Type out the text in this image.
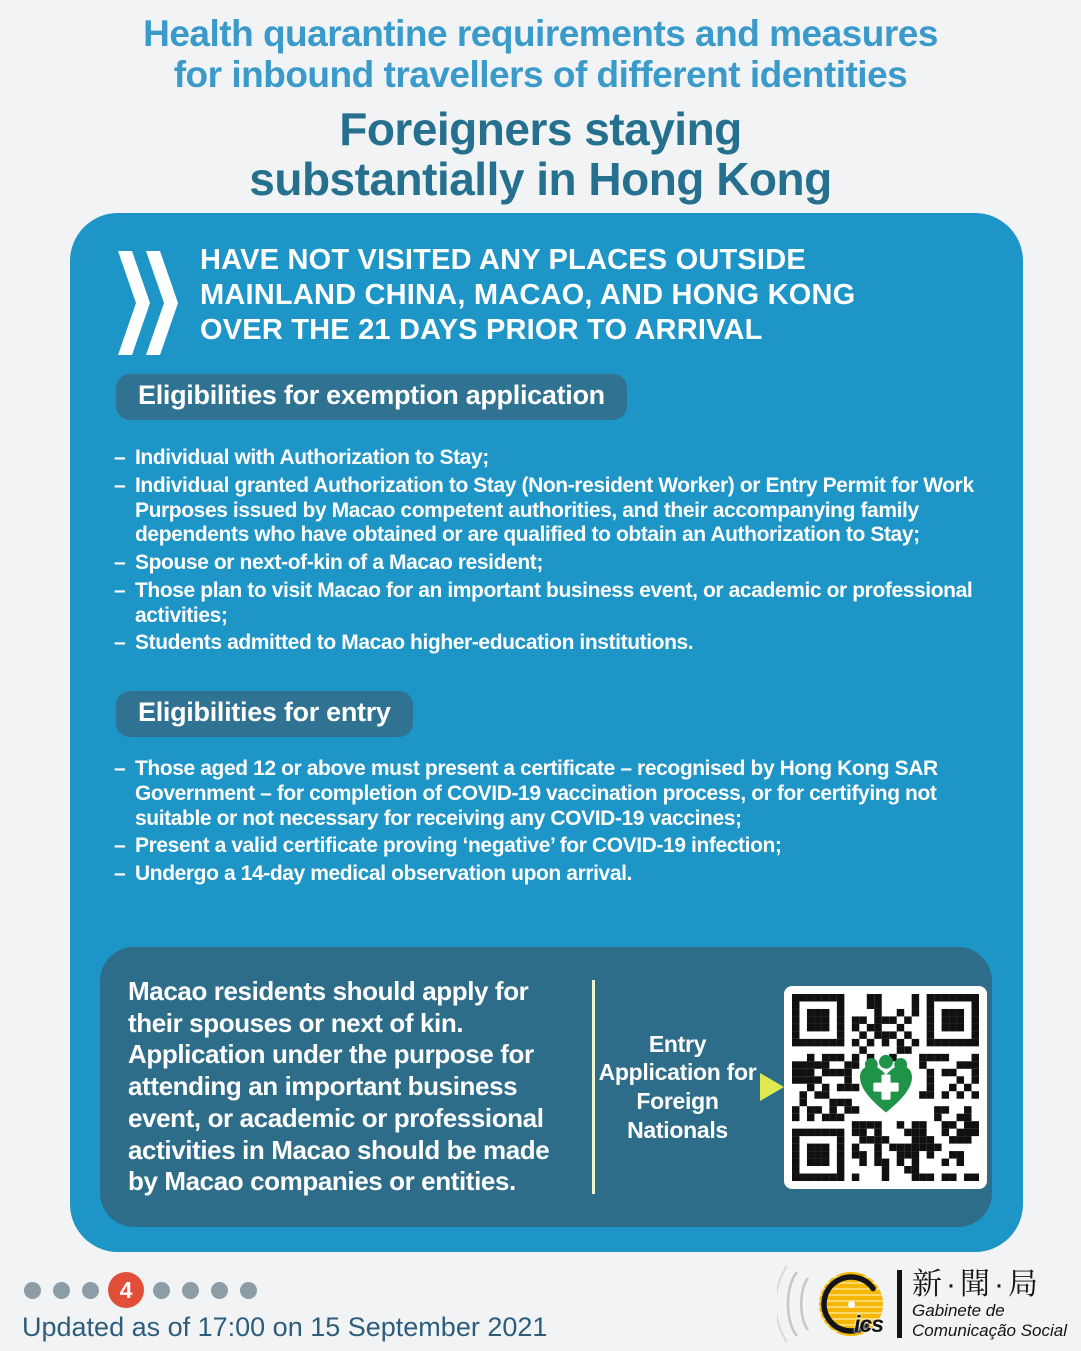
Health quarantine requirements and measures
for inbound travellers of different identities
Foreigners staying
substantially in Hong Kong
HAVE NOT VISITED ANY PLACES OUTSIDE
MAINLAND CHINA, MACAO, AND HONG KONG
OVER THE 21 DAYS PRIOR TO ARRIVAL
Eligibilities for exemption application
– Individual with Authorization to Stay;
– Individual granted Authorization to Stay (Non-resident Worker) or Entry Permit for Work Purposes issued by Macao competent authorities, and their accompanying family dependents who have obtained or are qualified to obtain an Authorization to Stay;
– Spouse or next-of-kin of a Macao resident;
– Those plan to visit Macao for an important business event, or academic or professional activities;
– Students admitted to Macao higher-education institutions.
Eligibilities for entry
– Those aged 12 or above must present a certificate – recognised by Hong Kong SAR Government – for completion of COVID-19 vaccination process, or for certifying not suitable or not necessary for receiving any COVID-19 vaccines;
– Present a valid certificate proving ‘negative’ for COVID-19 infection;
– Undergo a 14-day medical observation upon arrival.

Macao residents should apply for their spouses or next of kin. Application under the purpose for attending an important business event, or academic or professional activities in Macao should be made by Macao companies or entities.

Entry Application for Foreign Nationals
4
Updated as of 17:00 on 15 September 2021	ics
新·聞·局
Gabinete de
Comunicação Social
